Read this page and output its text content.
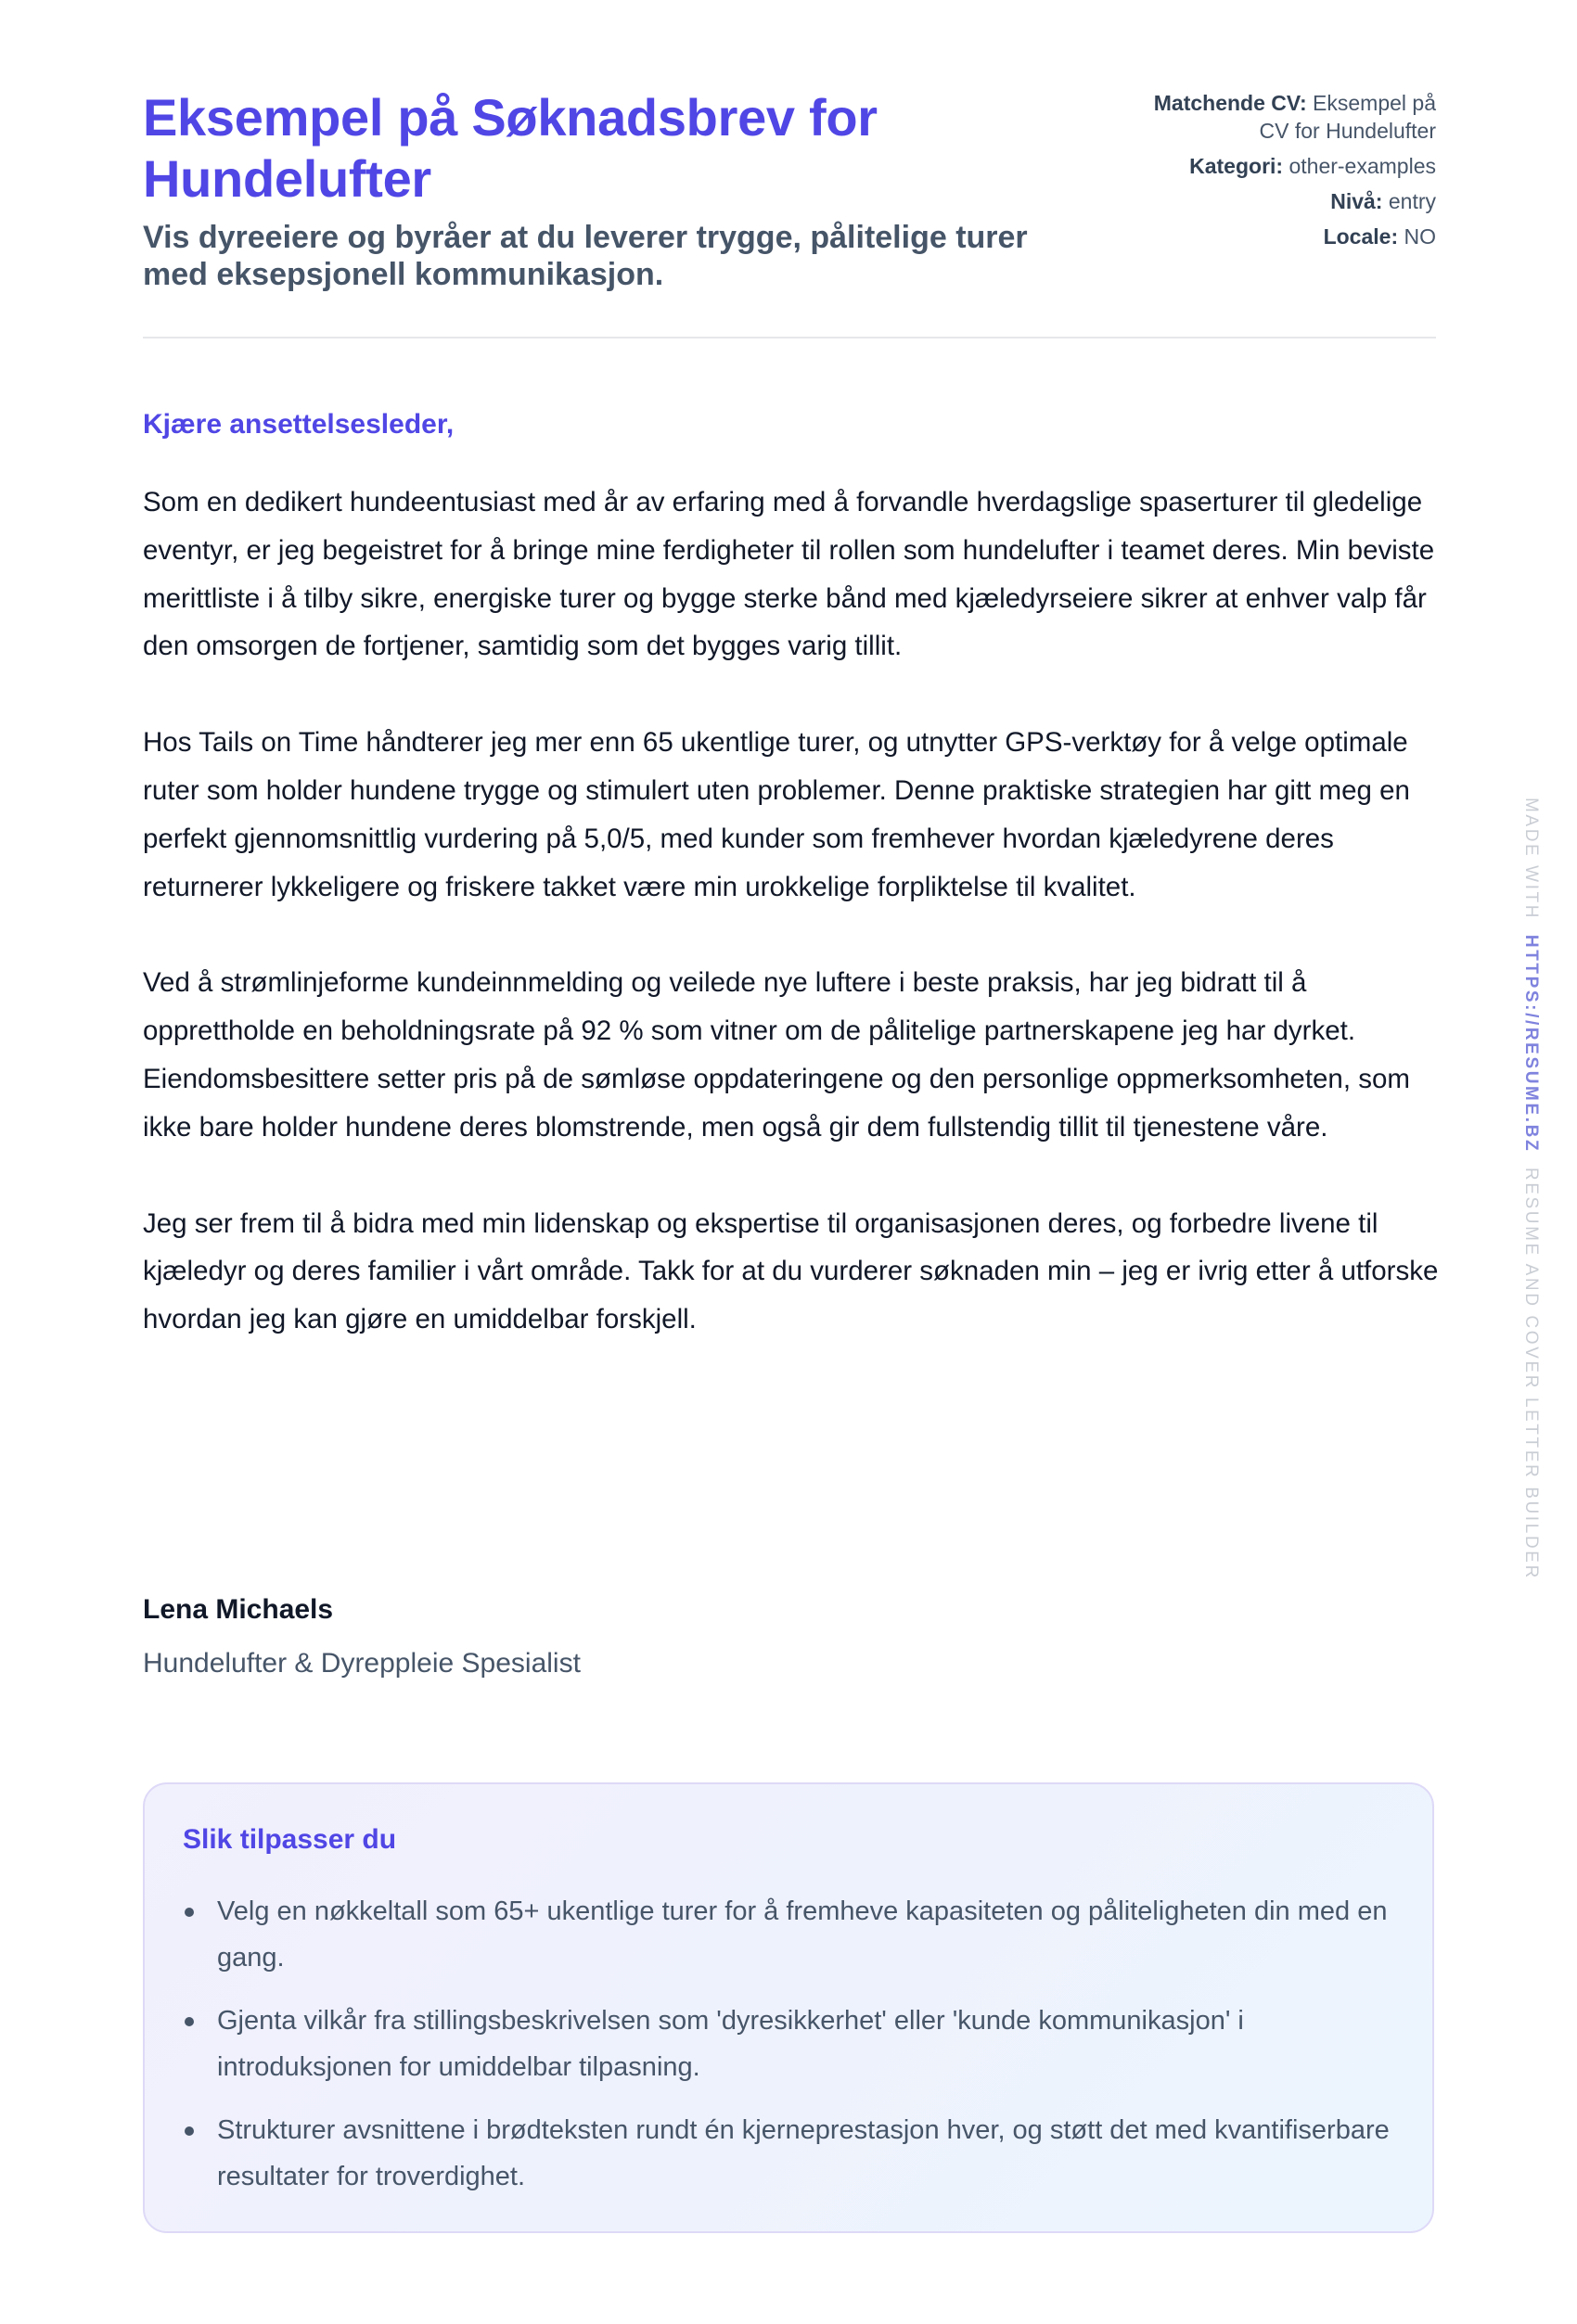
Eksempel på Søknadsbrev for Hundelufter
Vis dyreeiere og byråer at du leverer trygge, pålitelige turer med eksepsjonell kommunikasjon.
Matchende CV: Eksempel på CV for Hundelufter
Kategori: other-examples
Nivå: entry
Locale: NO

Kjære ansettelsesleder,

Som en dedikert hundeentusiast med år av erfaring med å forvandle hverdagslige spaserturer til gledelige eventyr, er jeg begeistret for å bringe mine ferdigheter til rollen som hundelufter i teamet deres. Min beviste merittliste i å tilby sikre, energiske turer og bygge sterke bånd med kjæledyrseiere sikrer at enhver valp får den omsorgen de fortjener, samtidig som det bygges varig tillit.

Hos Tails on Time håndterer jeg mer enn 65 ukentlige turer, og utnytter GPS-verktøy for å velge optimale ruter som holder hundene trygge og stimulert uten problemer. Denne praktiske strategien har gitt meg en perfekt gjennomsnittlig vurdering på 5,0/5, med kunder som fremhever hvordan kjæledyrene deres returnerer lykkeligere og friskere takket være min urokkelige forpliktelse til kvalitet.

Ved å strømlinjeforme kundeinnmelding og veilede nye luftere i beste praksis, har jeg bidratt til å opprettholde en beholdningsrate på 92 % som vitner om de pålitelige partnerskapene jeg har dyrket. Eiendomsbesittere setter pris på de sømløse oppdateringene og den personlige oppmerksomheten, som ikke bare holder hundene deres blomstrende, men også gir dem fullstendig tillit til tjenestene våre.

Jeg ser frem til å bidra med min lidenskap og ekspertise til organisasjonen deres, og forbedre livene til kjæledyr og deres familier i vårt område. Takk for at du vurderer søknaden min – jeg er ivrig etter å utforske hvordan jeg kan gjøre en umiddelbar forskjell.

Lena Michaels

Hundelufter & Dyreppleie Spesialist

Slik tilpasser du
Velg en nøkkeltall som 65+ ukentlige turer for å fremheve kapasiteten og påliteligheten din med en gang.
Gjenta vilkår fra stillingsbeskrivelsen som 'dyresikkerhet' eller 'kunde kommunikasjon' i introduksjonen for umiddelbar tilpasning.
Strukturer avsnittene i brødteksten rundt én kjerneprestasjon hver, og støtt det med kvantifiserbare resultater for troverdighet.
MADE WITH  HTTPS://RESUME.BZ  RESUME AND COVER LETTER BUILDER
